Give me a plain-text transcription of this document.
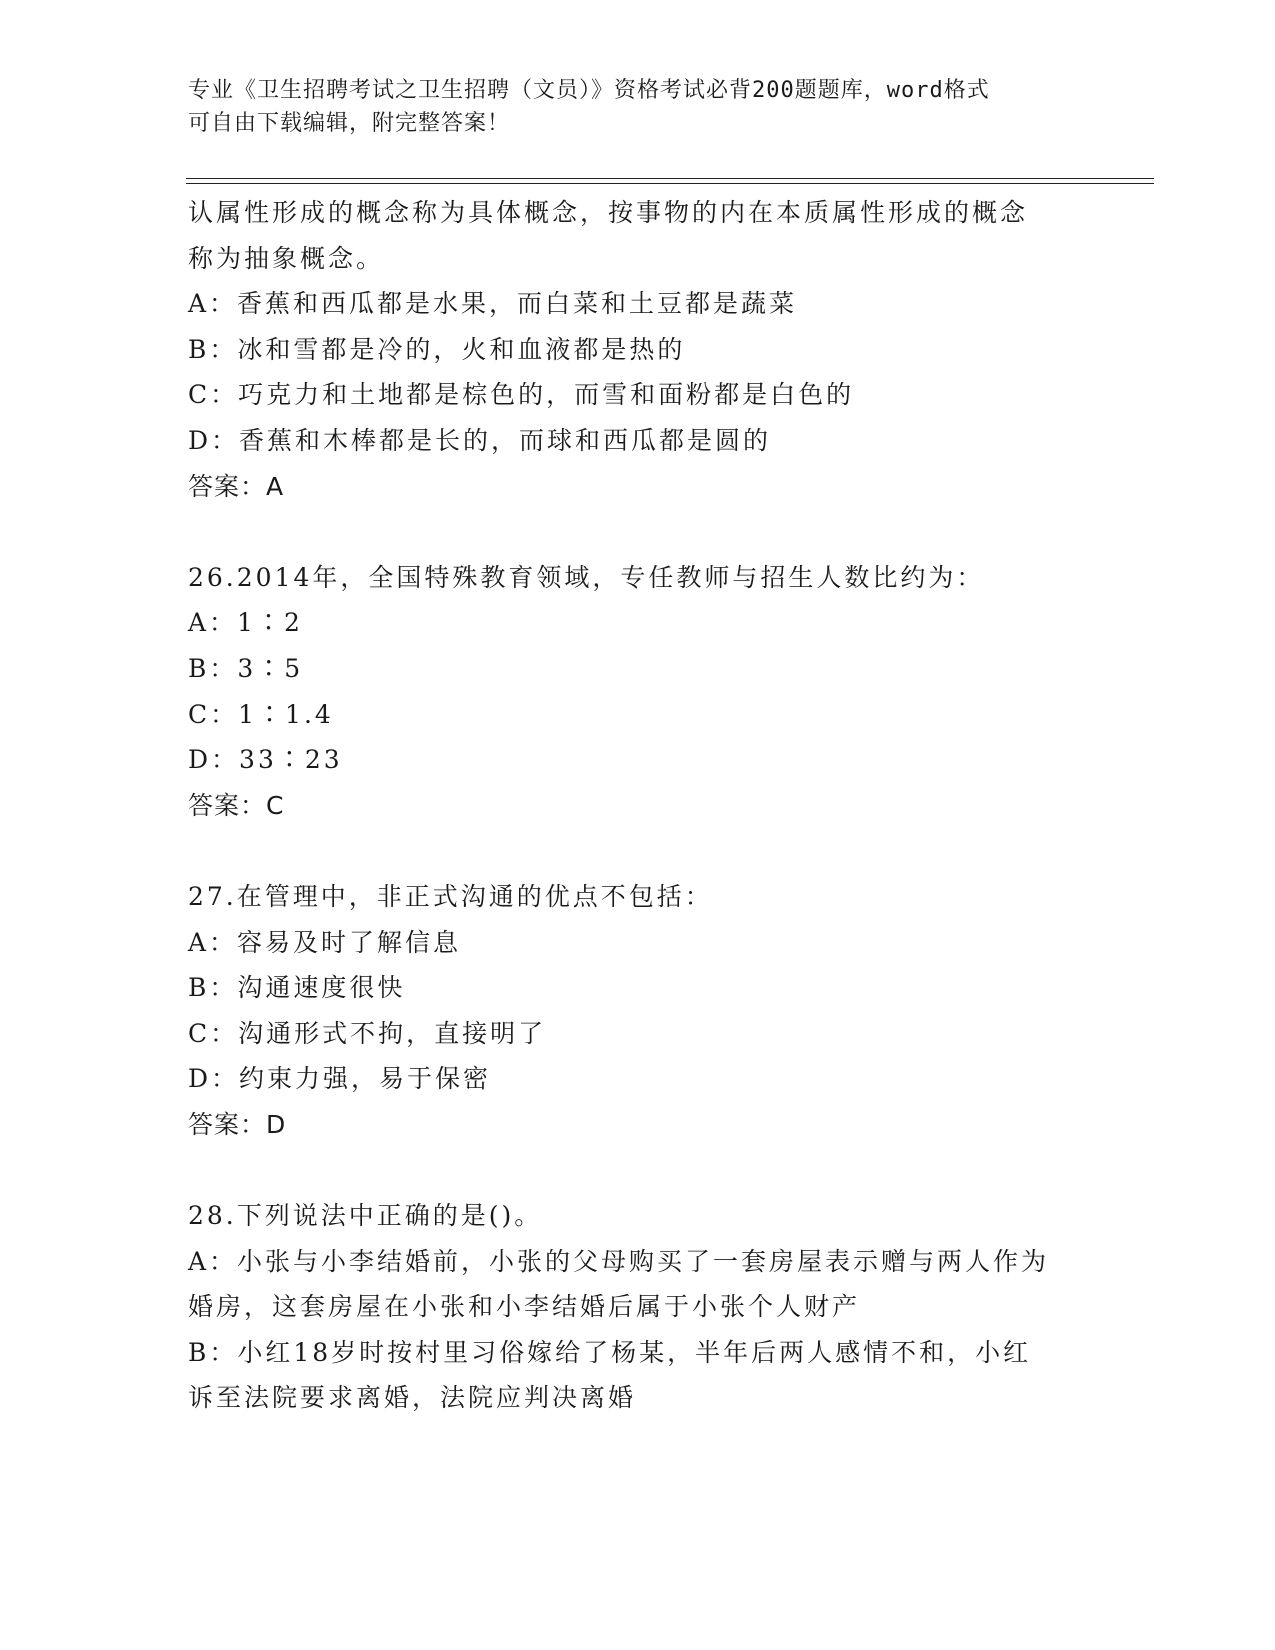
专业《卫生招聘考试之卫生招聘（文员）》资格考试必背200题题库，word格式
可自由下载编辑，附完整答案！
认属性形成的概念称为具体概念，按事物的内在本质属性形成的概念
称为抽象概念。
A：香蕉和西瓜都是水果，而白菜和土豆都是蔬菜
B：冰和雪都是冷的，火和血液都是热的
C：巧克力和土地都是棕色的，而雪和面粉都是白色的
D：香蕉和木棒都是长的，而球和西瓜都是圆的
答案：A
26.2014年，全国特殊教育领域，专任教师与招生人数比约为：
A：1∶2
B：3∶5
C：1∶1.4
D：33∶23
答案：C
27.在管理中，非正式沟通的优点不包括：
A：容易及时了解信息
B：沟通速度很快
C：沟通形式不拘，直接明了
D：约束力强，易于保密
答案：D
28.下列说法中正确的是()。
A：小张与小李结婚前，小张的父母购买了一套房屋表示赠与两人作为
婚房，这套房屋在小张和小李结婚后属于小张个人财产
B：小红18岁时按村里习俗嫁给了杨某，半年后两人感情不和，小红
诉至法院要求离婚，法院应判决离婚
